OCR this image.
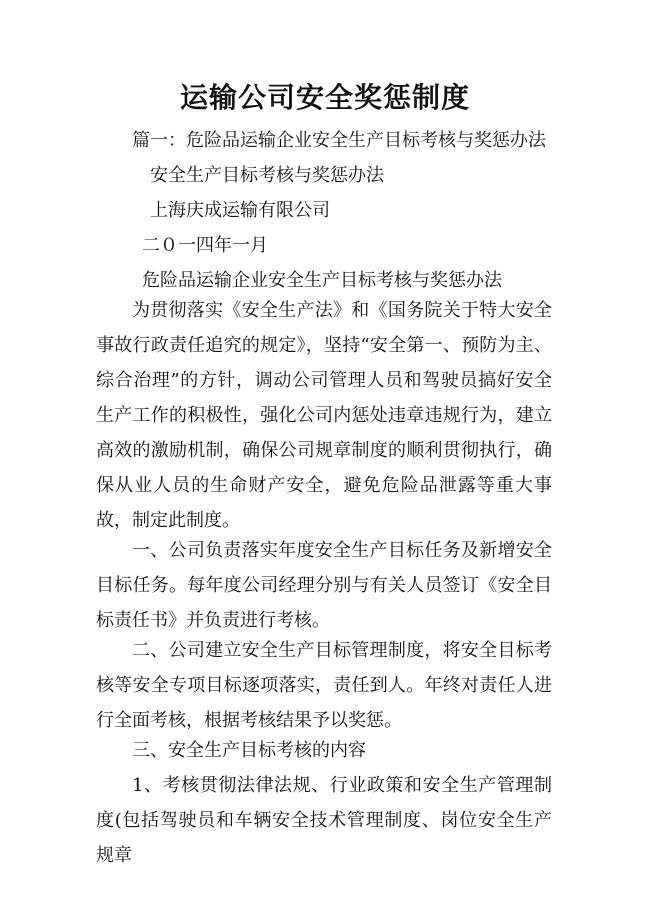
运输公司安全奖惩制度
篇一：危险品运输企业安全生产目标考核与奖惩办法
安全生产目标考核与奖惩办法
上海庆成运输有限公司
二０一四年一月
危险品运输企业安全生产目标考核与奖惩办法

为贯彻落实《安全生产法》和《国务院关于特大安全事故行政责任追究的规定》，坚持“安全第一、预防为主、综合治理”的方针，调动公司管理人员和驾驶员搞好安全生产工作的积极性，强化公司内惩处违章违规行为，建立高效的激励机制，确保公司规章制度的顺利贯彻执行，确保从业人员的生命财产安全，避免危险品泄露等重大事故，制定此制度。

一、公司负责落实年度安全生产目标任务及新增安全目标任务。每年度公司经理分别与有关人员签订《安全目标责任书》并负责进行考核。

二、公司建立安全生产目标管理制度，将安全目标考核等安全专项目标逐项落实，责任到人。年终对责任人进行全面考核，根据考核结果予以奖惩。

三、安全生产目标考核的内容

1、考核贯彻法律法规、行业政策和安全生产管理制度(包括驾驶员和车辆安全技术管理制度、岗位安全生产规章
